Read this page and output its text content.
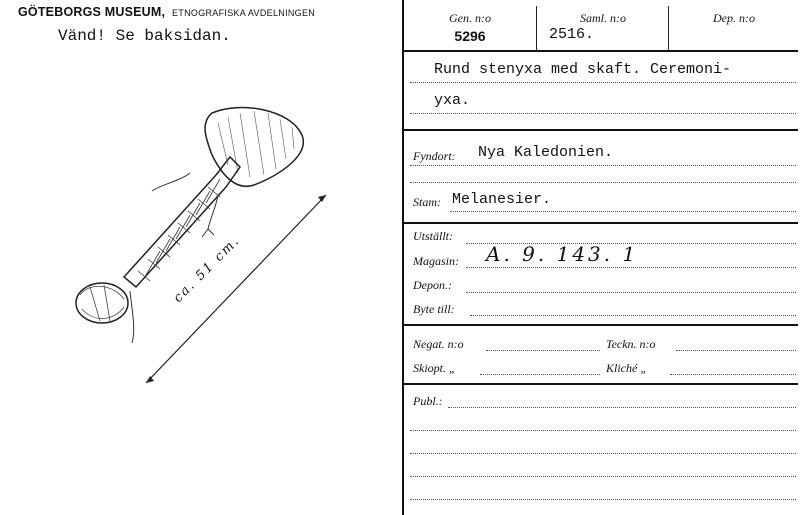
GÖTEBORGS MUSEUM, ETNOGRAFISKA AVDELNINGEN
Vänd! Se baksidan.
ca. 51 cm.
Gen. n:o
5296
Saml. n:o
2516.
Dep. n:o
Rund stenyxa med skaft. Ceremoni-
yxa.
Fyndort: Nya Kaledonien.
Stam: Melanesier.
Utställt:
Magasin: A. 9. 143. 1
Depon.:
Byte till:
Negat. n:o	Teckn. n:o
Skiopt. „	Kliché „
Publ.:
